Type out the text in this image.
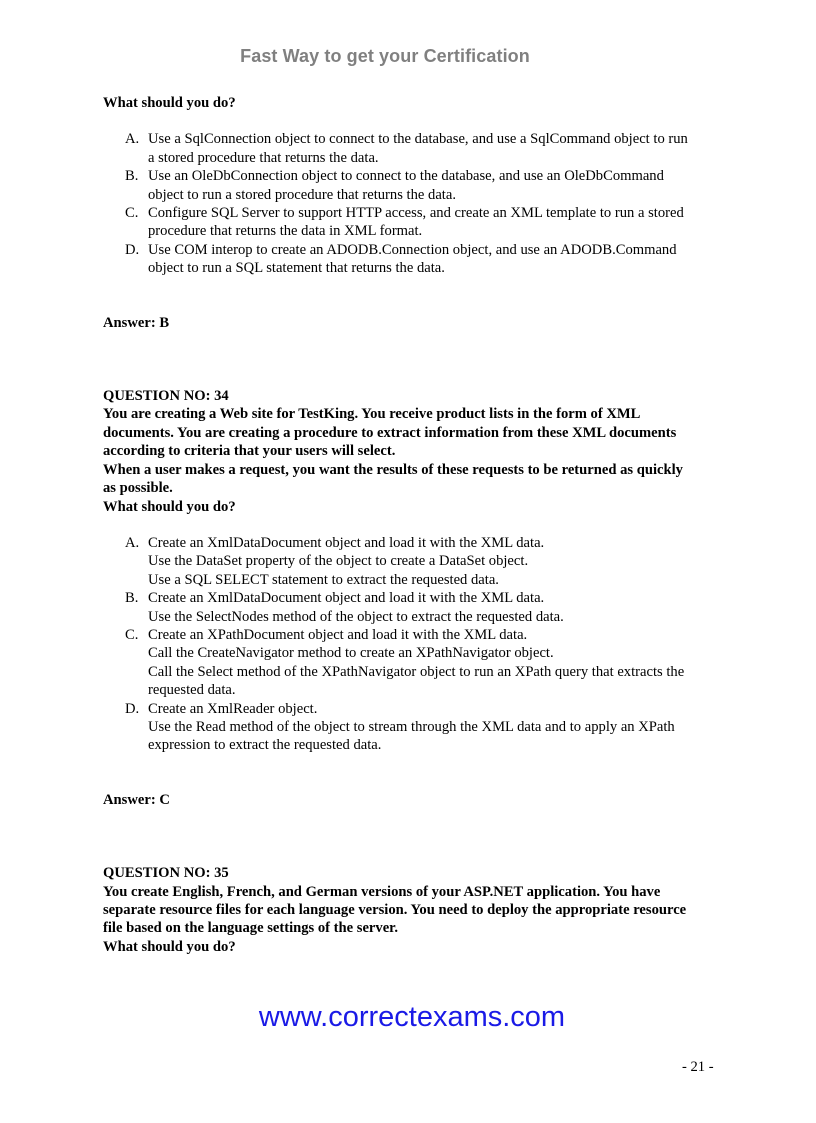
Fast Way to get your Certification

What should you do?

A. Use a SqlConnection object to connect to the database, and use a SqlCommand object to run
a stored procedure that returns the data.
B. Use an OleDbConnection object to connect to the database, and use an OleDbCommand
object to run a stored procedure that returns the data.
C. Configure SQL Server to support HTTP access, and create an XML template to run a stored
procedure that returns the data in XML format.
D. Use COM interop to create an ADODB.Connection object, and use an ADODB.Command
object to run a SQL statement that returns the data.

Answer: B

QUESTION NO: 34

You are creating a Web site for TestKing. You receive product lists in the form of XML

documents. You are creating a procedure to extract information from these XML documents

according to criteria that your users will select.

When a user makes a request, you want the results of these requests to be returned as quickly

as possible.

What should you do?

A. Create an XmlDataDocument object and load it with the XML data.
Use the DataSet property of the object to create a DataSet object.
Use a SQL SELECT statement to extract the requested data.
B. Create an XmlDataDocument object and load it with the XML data.
Use the SelectNodes method of the object to extract the requested data.
C. Create an XPathDocument object and load it with the XML data.
Call the CreateNavigator method to create an XPathNavigator object.
Call the Select method of the XPathNavigator object to run an XPath query that extracts the
requested data.
D. Create an XmlReader object.
Use the Read method of the object to stream through the XML data and to apply an XPath
expression to extract the requested data.

Answer: C

QUESTION NO: 35

You create English, French, and German versions of your ASP.NET application. You have

separate resource files for each language version. You need to deploy the appropriate resource

file based on the language settings of the server.

What should you do?

www.correctexams.com
- 21 -
